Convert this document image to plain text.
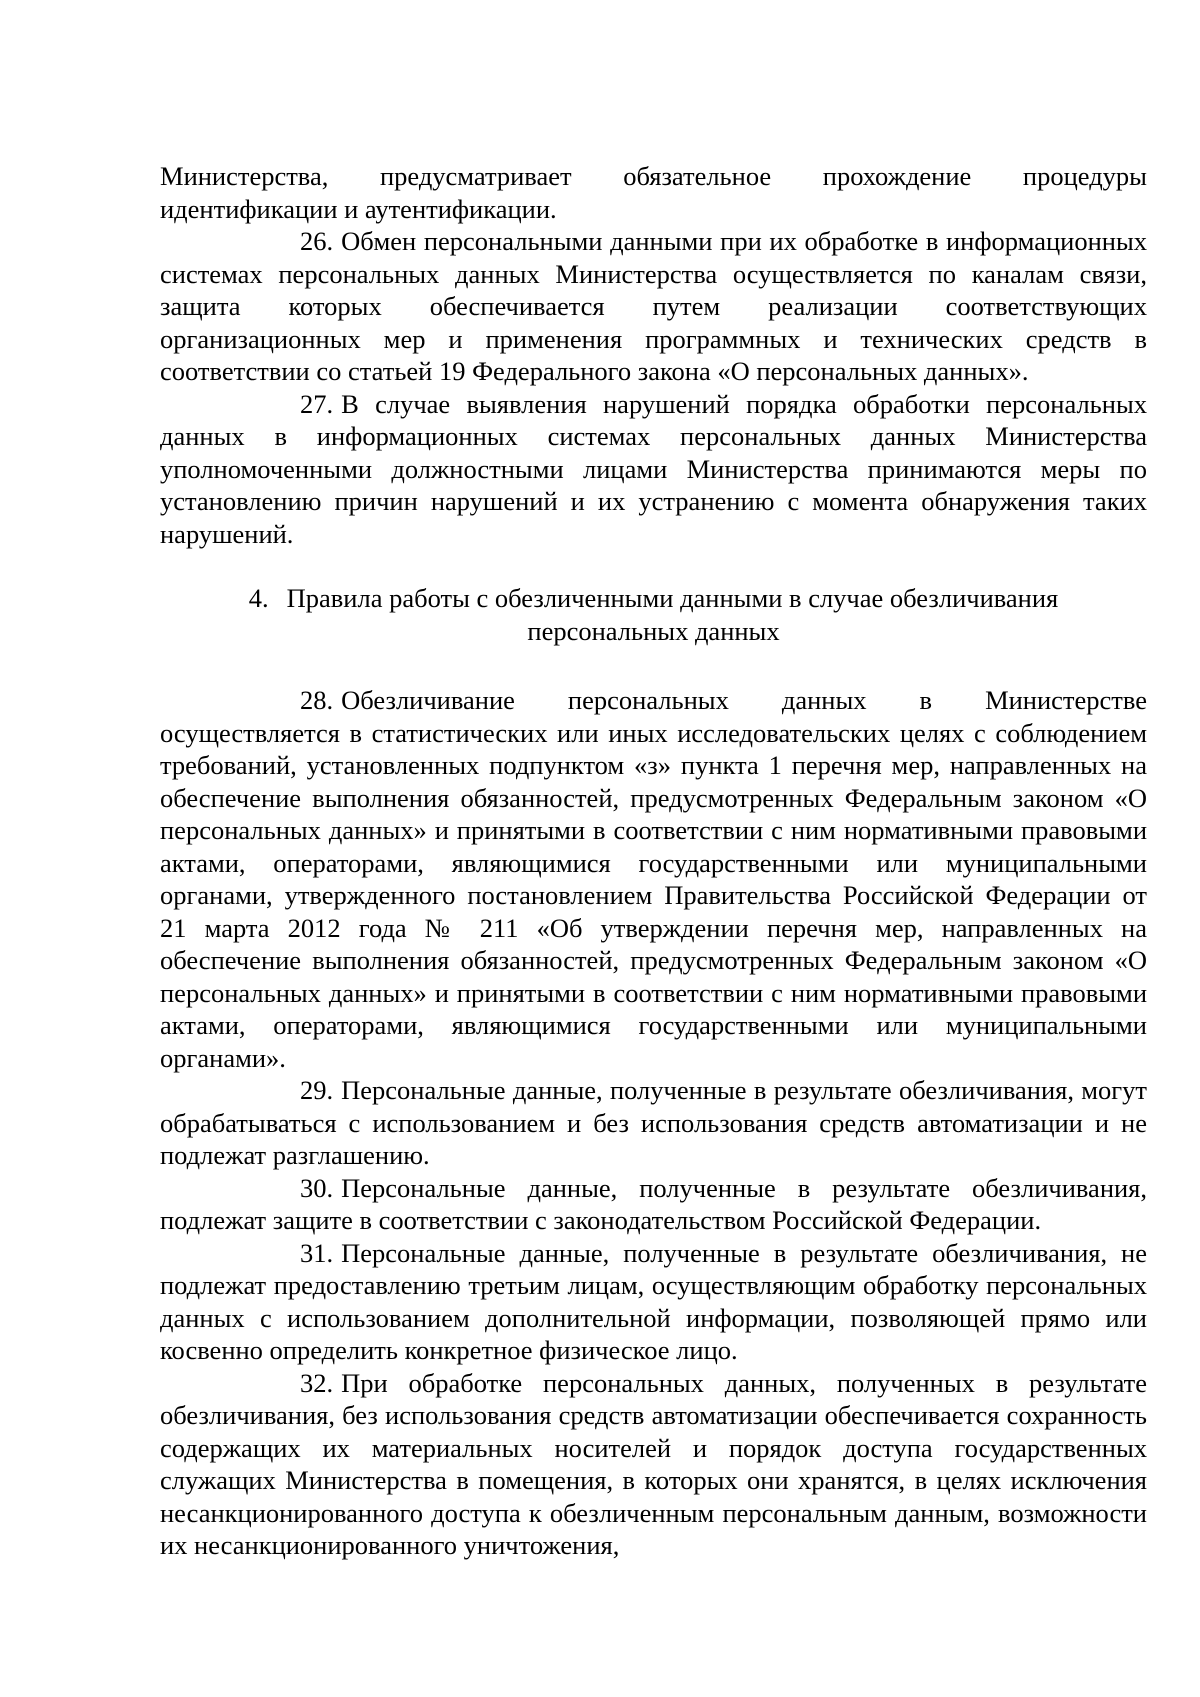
Министерства, предусматривает обязательное прохождение процедуры идентификации и аутентификации.

26. Обмен персональными данными при их обработке в информационных системах персональных данных Министерства осуществляется по каналам связи, защита которых обеспечивается путем реализации соответствующих организационных мер и применения программных и технических средств в соответствии со статьей 19 Федерального закона «О персональных данных».

27. В случае выявления нарушений порядка обработки персональных данных в информационных системах персональных данных Министерства уполномоченными должностными лицами Министерства принимаются меры по установлению причин нарушений и их устранению с момента обнаружения таких нарушений.

4. Правила работы с обезличенными данными в случае обезличивания
персональных данных

28. Обезличивание персональных данных в Министерстве осуществляется в статистических или иных исследовательских целях с соблюдением требований, установленных подпунктом «з» пункта 1 перечня мер, направленных на обеспечение выполнения обязанностей, предусмотренных Федеральным законом «О персональных данных» и принятыми в соответствии с ним нормативными правовыми актами, операторами, являющимися государственными или муниципальными органами, утвержденного постановлением Правительства Российской Федерации от 21 марта 2012 года № 211 «Об утверждении перечня мер, направленных на обеспечение выполнения обязанностей, предусмотренных Федеральным законом «О персональных данных» и принятыми в соответствии с ним нормативными правовыми актами, операторами, являющимися государственными или муниципальными органами».

29. Персональные данные, полученные в результате обезличивания, могут обрабатываться с использованием и без использования средств автоматизации и не подлежат разглашению.

30. Персональные данные, полученные в результате обезличивания, подлежат защите в соответствии с законодательством Российской Федерации.

31. Персональные данные, полученные в результате обезличивания, не подлежат предоставлению третьим лицам, осуществляющим обработку персональных данных с использованием дополнительной информации, позволяющей прямо или косвенно определить конкретное физическое лицо.

32. При обработке персональных данных, полученных в результате обезличивания, без использования средств автоматизации обеспечивается сохранность содержащих их материальных носителей и порядок доступа государственных служащих Министерства в помещения, в которых они хранятся, в целях исключения несанкционированного доступа к обезличенным персональным данным, возможности их несанкционированного уничтожения,
